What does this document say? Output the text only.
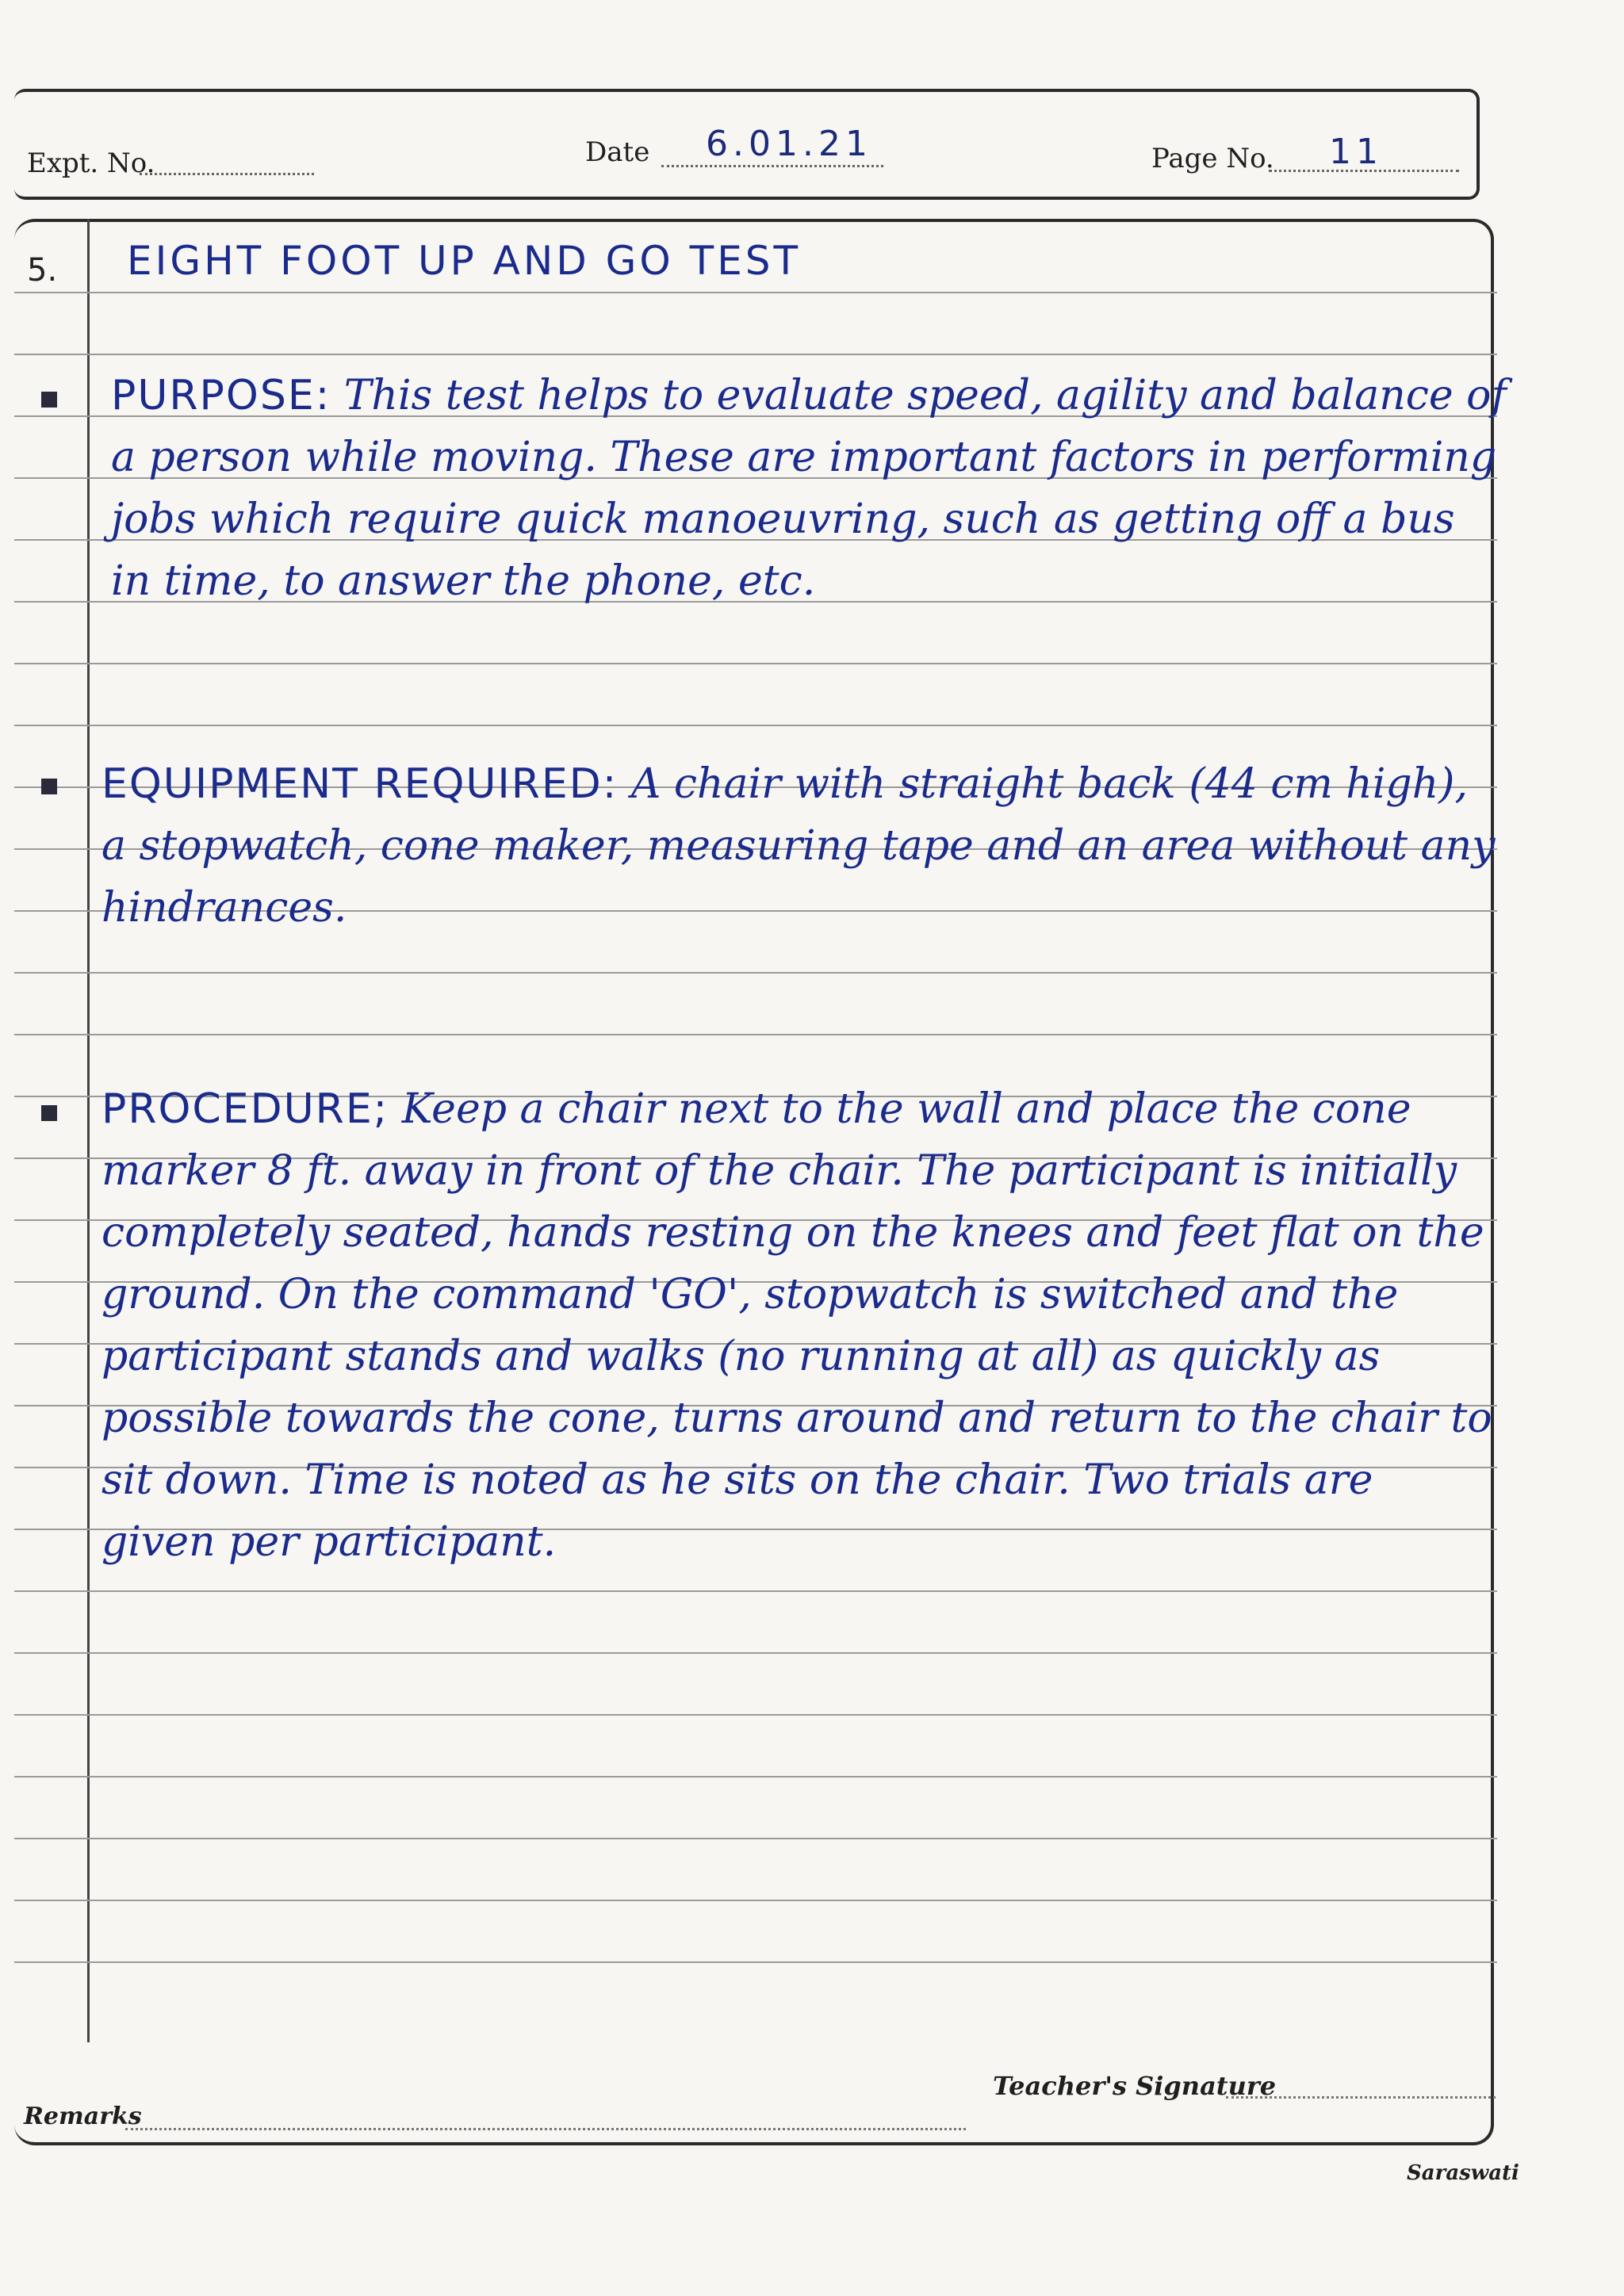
Expt. No.	Date 6.01.21	Page No. 11
5. EIGHT FOOT UP AND GO TEST
PURPOSE: This test helps to evaluate speed, agility and balance of a person while moving. These are important factors in performing jobs which require quick manoeuvring, such as getting off a bus in time, to answer the phone, etc.
EQUIPMENT REQUIRED: A chair with straight back (44 cm high), a stopwatch, cone maker, measuring tape and an area without any hindrances.
PROCEDURE; Keep a chair next to the wall and place the cone marker 8 ft. away in front of the chair. The participant is initially completely seated, hands resting on the knees and feet flat on the ground. On the command 'GO', stopwatch is switched and the participant stands and walks (no running at all) as quickly as possible towards the cone, turns around and return to the chair to sit down. Time is noted as he sits on the chair. Two trials are given per participant.
Teacher's Signature
Remarks
Saraswati
